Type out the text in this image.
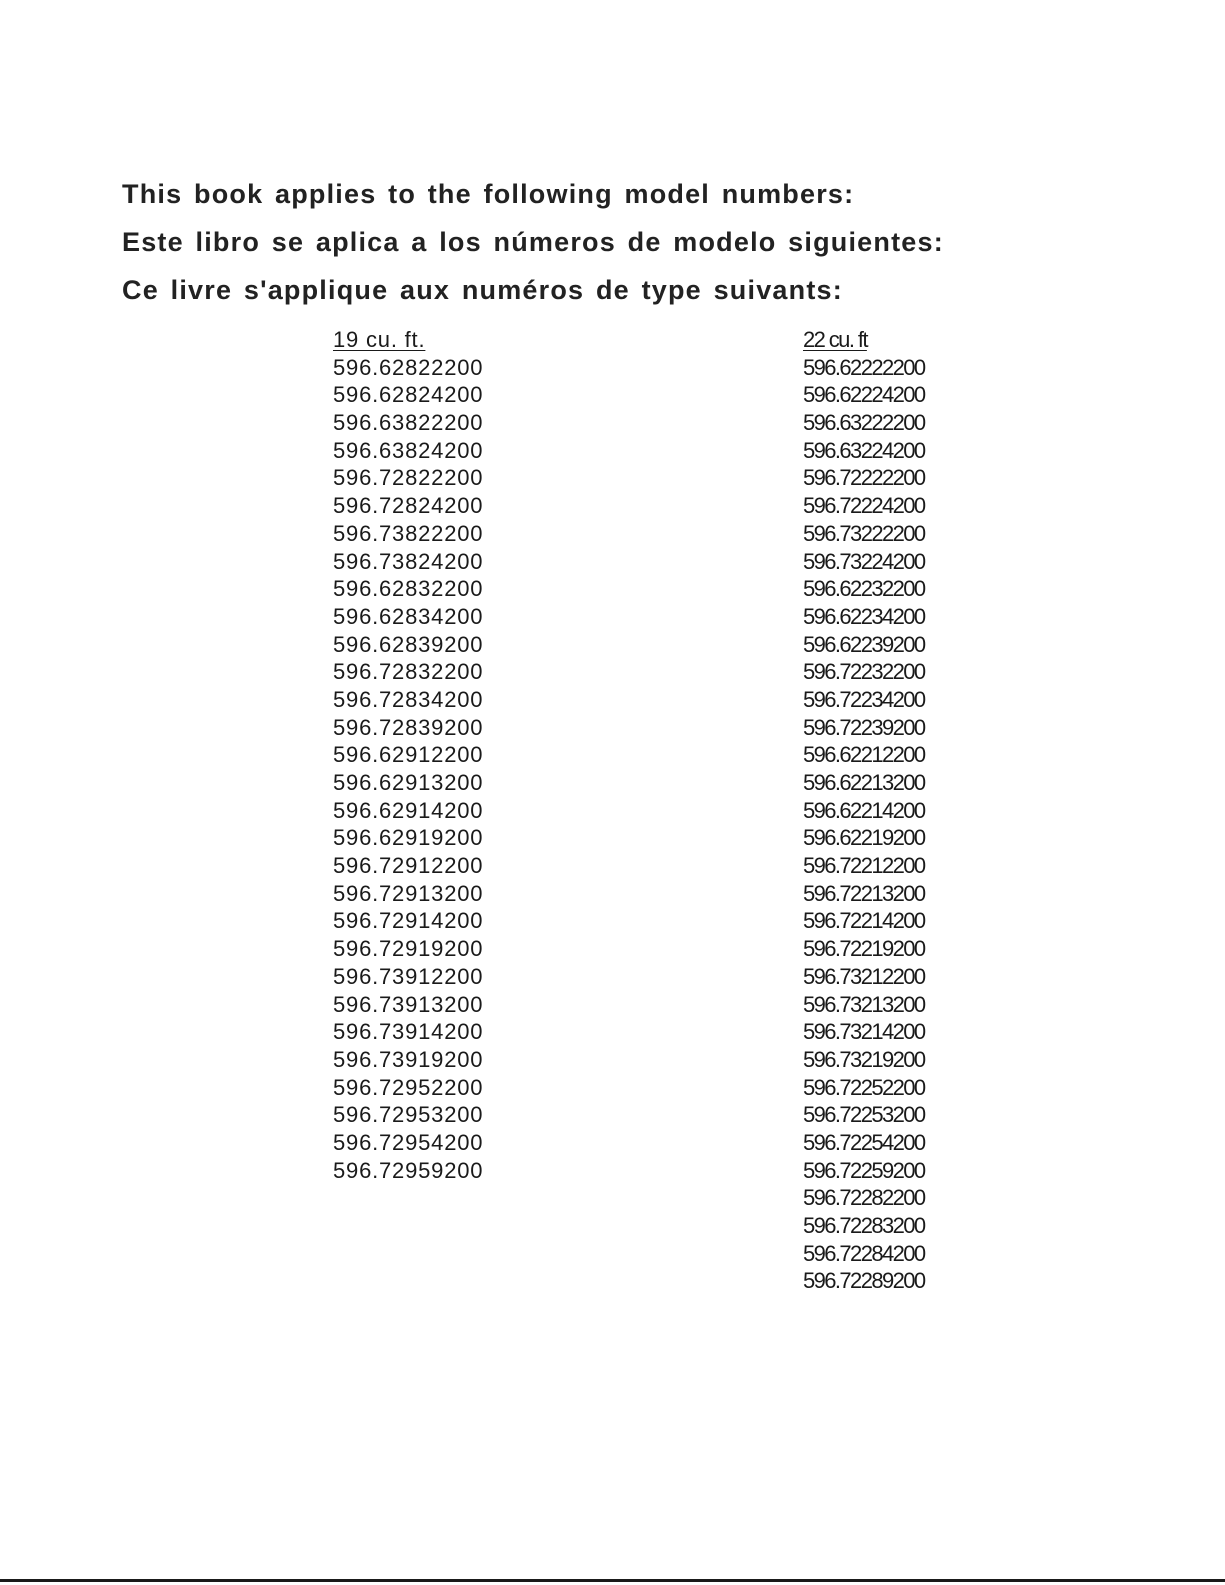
This book applies to the following model numbers:
Este libro se aplica a los números de modelo siguientes:
Ce livre s'applique aux numéros de type suivants:
19 cu. ft.
596.62822200
596.62824200
596.63822200
596.63824200
596.72822200
596.72824200
596.73822200
596.73824200
596.62832200
596.62834200
596.62839200
596.72832200
596.72834200
596.72839200
596.62912200
596.62913200
596.62914200
596.62919200
596.72912200
596.72913200
596.72914200
596.72919200
596.73912200
596.73913200
596.73914200
596.73919200
596.72952200
596.72953200
596.72954200
596.72959200
22 cu. ft
596.62222200
596.62224200
596.63222200
596.63224200
596.72222200
596.72224200
596.73222200
596.73224200
596.62232200
596.62234200
596.62239200
596.72232200
596.72234200
596.72239200
596.62212200
596.62213200
596.62214200
596.62219200
596.72212200
596.72213200
596.72214200
596.72219200
596.73212200
596.73213200
596.73214200
596.73219200
596.72252200
596.72253200
596.72254200
596.72259200
596.72282200
596.72283200
596.72284200
596.72289200
